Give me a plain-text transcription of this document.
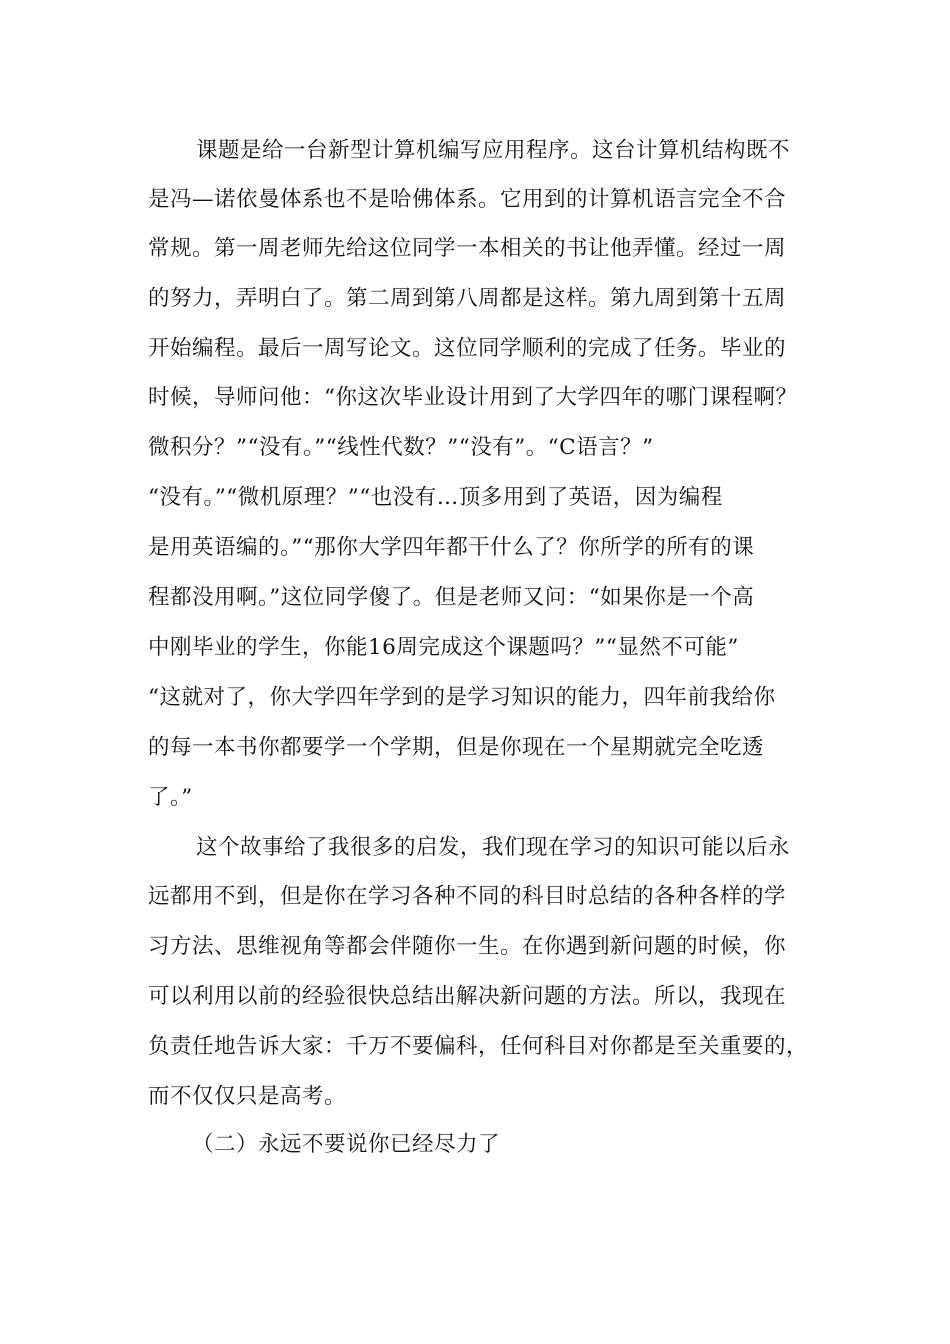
课题是给一台新型计算机编写应用程序。这台计算机结构既不
是冯—诺依曼体系也不是哈佛体系。它用到的计算机语言完全不合
常规。第一周老师先给这位同学一本相关的书让他弄懂。经过一周
的努力，弄明白了。第二周到第八周都是这样。第九周到第十五周
开始编程。最后一周写论文。这位同学顺利的完成了任务。毕业的
时候，导师问他：“你这次毕业设计用到了大学四年的哪门课程啊？
微积分？”“没有。”“线性代数？”“没有”。“C语言？”
“没有。”“微机原理？”“也没有…顶多用到了英语，因为编程
是用英语编的。”“那你大学四年都干什么了？你所学的所有的课
程都没用啊。”这位同学傻了。但是老师又问：“如果你是一个高
中刚毕业的学生，你能16周完成这个课题吗？”“显然不可能”
“这就对了，你大学四年学到的是学习知识的能力，四年前我给你
的每一本书你都要学一个学期，但是你现在一个星期就完全吃透
了。”
这个故事给了我很多的启发，我们现在学习的知识可能以后永
远都用不到，但是你在学习各种不同的科目时总结的各种各样的学
习方法、思维视角等都会伴随你一生。在你遇到新问题的时候，你
可以利用以前的经验很快总结出解决新问题的方法。所以，我现在
负责任地告诉大家：千万不要偏科，任何科目对你都是至关重要的，
而不仅仅只是高考。
（二）永远不要说你已经尽力了
